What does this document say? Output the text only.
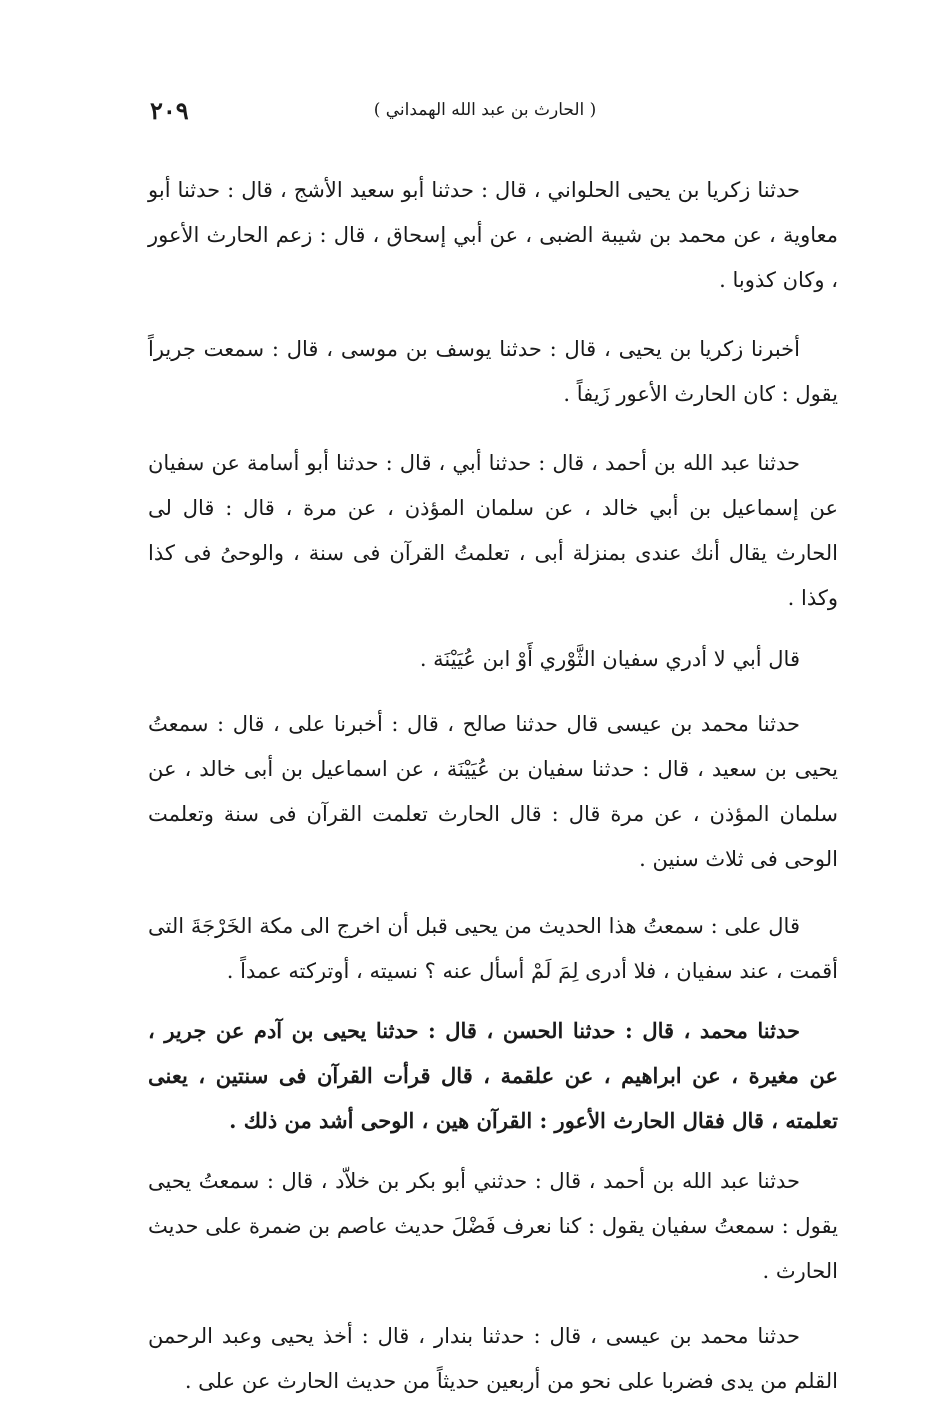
٢٠٩	( الحارث بن عبد الله الهمداني )

حدثنا زكريا بن يحيى الحلواني ، قال : حدثنا أبو سعيد الأشج ، قال : حدثنا أبو معاوية ، عن محمد بن شيبة الضبى ، عن أبي إسحاق ، قال : زعم الحارث الأعور ، وكان كذوبا .

أخبرنا زكريا بن يحيى ، قال : حدثنا يوسف بن موسى ، قال : سمعت جريراً يقول : كان الحارث الأعور زَيفاً .

حدثنا عبد الله بن أحمد ، قال : حدثنا أبي ، قال : حدثنا أبو أسامة عن سفيان عن إسماعيل بن أبي خالد ، عن سلمان المؤذن ، عن مرة ، قال : قال لى الحارث يقال أنك عندى بمنزلة أبى ، تعلمتُ القرآن فى سنة ، والوحىُ فى كذا وكذا .

قال أبي لا أدري سفيان الثَّوْري أَوْ ابن عُيَيْنَة .

حدثنا محمد بن عيسى قال حدثنا صالح ، قال : أخبرنا على ، قال : سمعتُ يحيى بن سعيد ، قال : حدثنا سفيان بن عُيَيْنَة ، عن اسماعيل بن أبى خالد ، عن سلمان المؤذن ، عن مرة قال : قال الحارث تعلمت القرآن فى سنة وتعلمت الوحى فى ثلاث سنين .

قال على : سمعتُ هذا الحديث من يحيى قبل أن اخرج الى مكة الخَرْجَةَ التى أقمت ، عند سفيان ، فلا أدرى لِمَ لَمْ أسأل عنه ؟ نسيته ، أوتركته عمداً .

حدثنا محمد ، قال : حدثنا الحسن ، قال : حدثنا يحيى بن آدم عن جرير ، عن مغيرة ، عن ابراهيم ، عن علقمة ، قال قرأت القرآن فى سنتين ، يعنى تعلمته ، قال فقال الحارث الأعور : القرآن هين ، الوحى أشد من ذلك .

حدثنا عبد الله بن أحمد ، قال : حدثني أبو بكر بن خلاّد ، قال : سمعتُ يحيى يقول : سمعتُ سفيان يقول : كنا نعرف فَضْلَ حديث عاصم بن ضمرة على حديث الحارث .

حدثنا محمد بن عيسى ، قال : حدثنا بندار ، قال : أخذ يحيى وعبد الرحمن القلم من يدى فضربا على نحو من أربعين حديثاً من حديث الحارث عن على .
